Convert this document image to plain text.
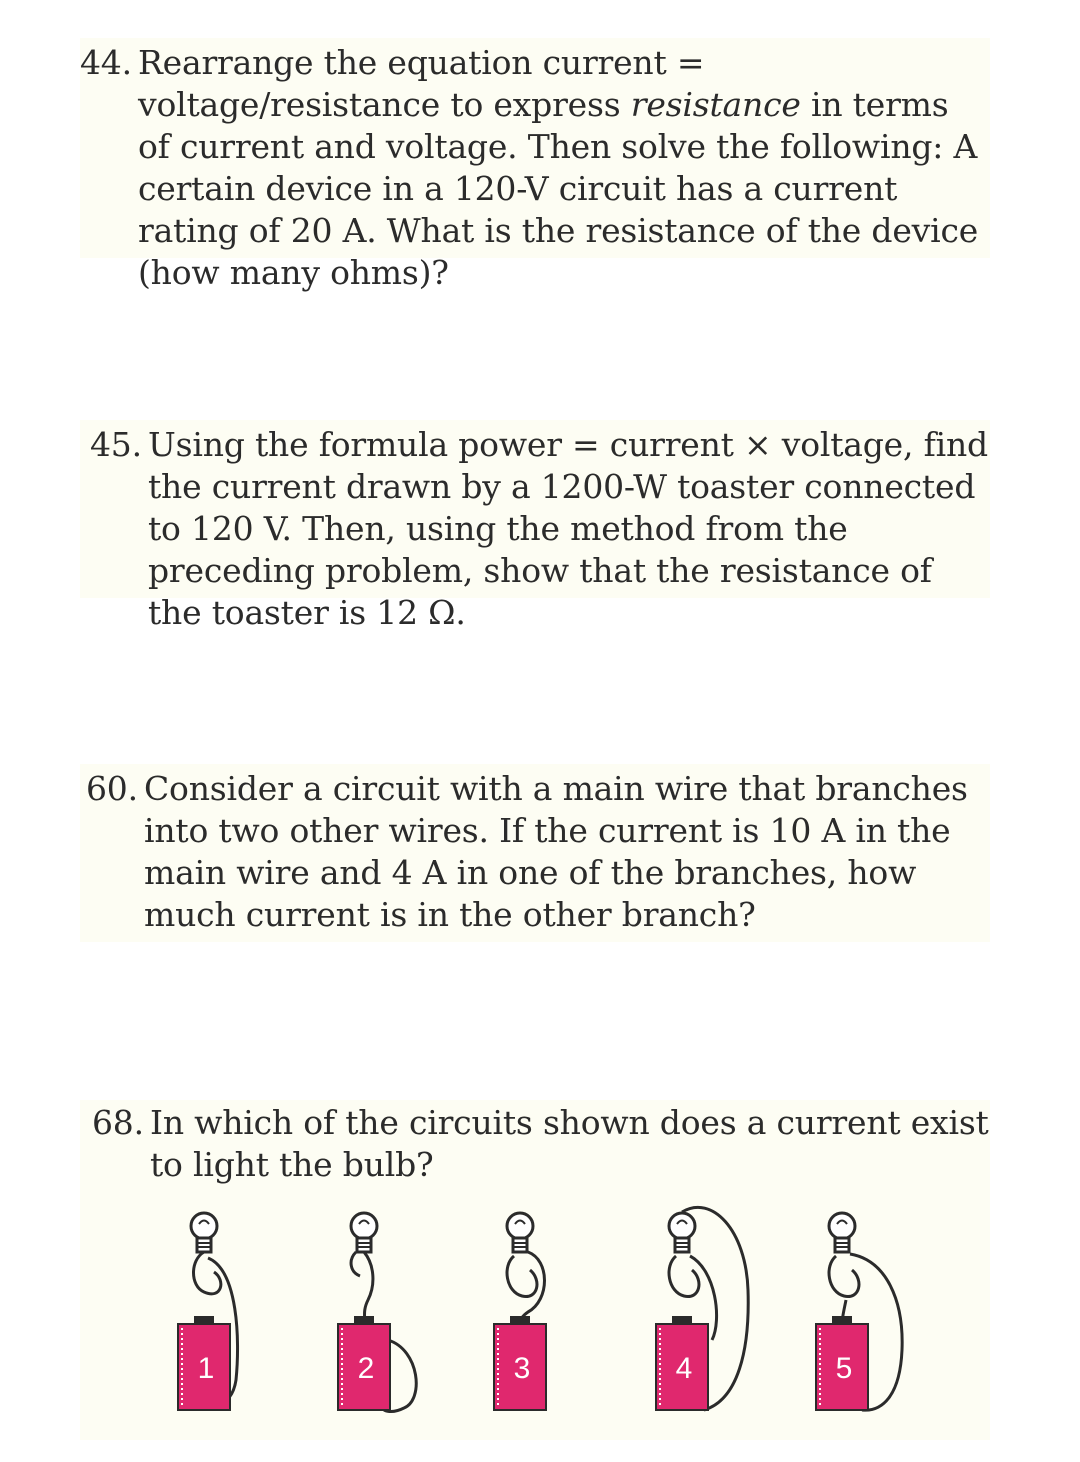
44. Rearrange the equation current = voltage/resistance to express resistance in terms of current and voltage. Then solve the following: A certain device in a 120-V circuit has a current rating of 20 A. What is the resistance of the device (how many ohms)?

45. Using the formula power = current × voltage, find the current drawn by a 1200-W toaster connected to 120 V. Then, using the method from the preceding problem, show that the resistance of the toaster is 12 Ω.

60. Consider a circuit with a main wire that branches into two other wires. If the current is 10 A in the main wire and 4 A in one of the branches, how much current is in the other branch?

68. In which of the circuits shown does a current exist to light the bulb?

1	2	3	4	5
